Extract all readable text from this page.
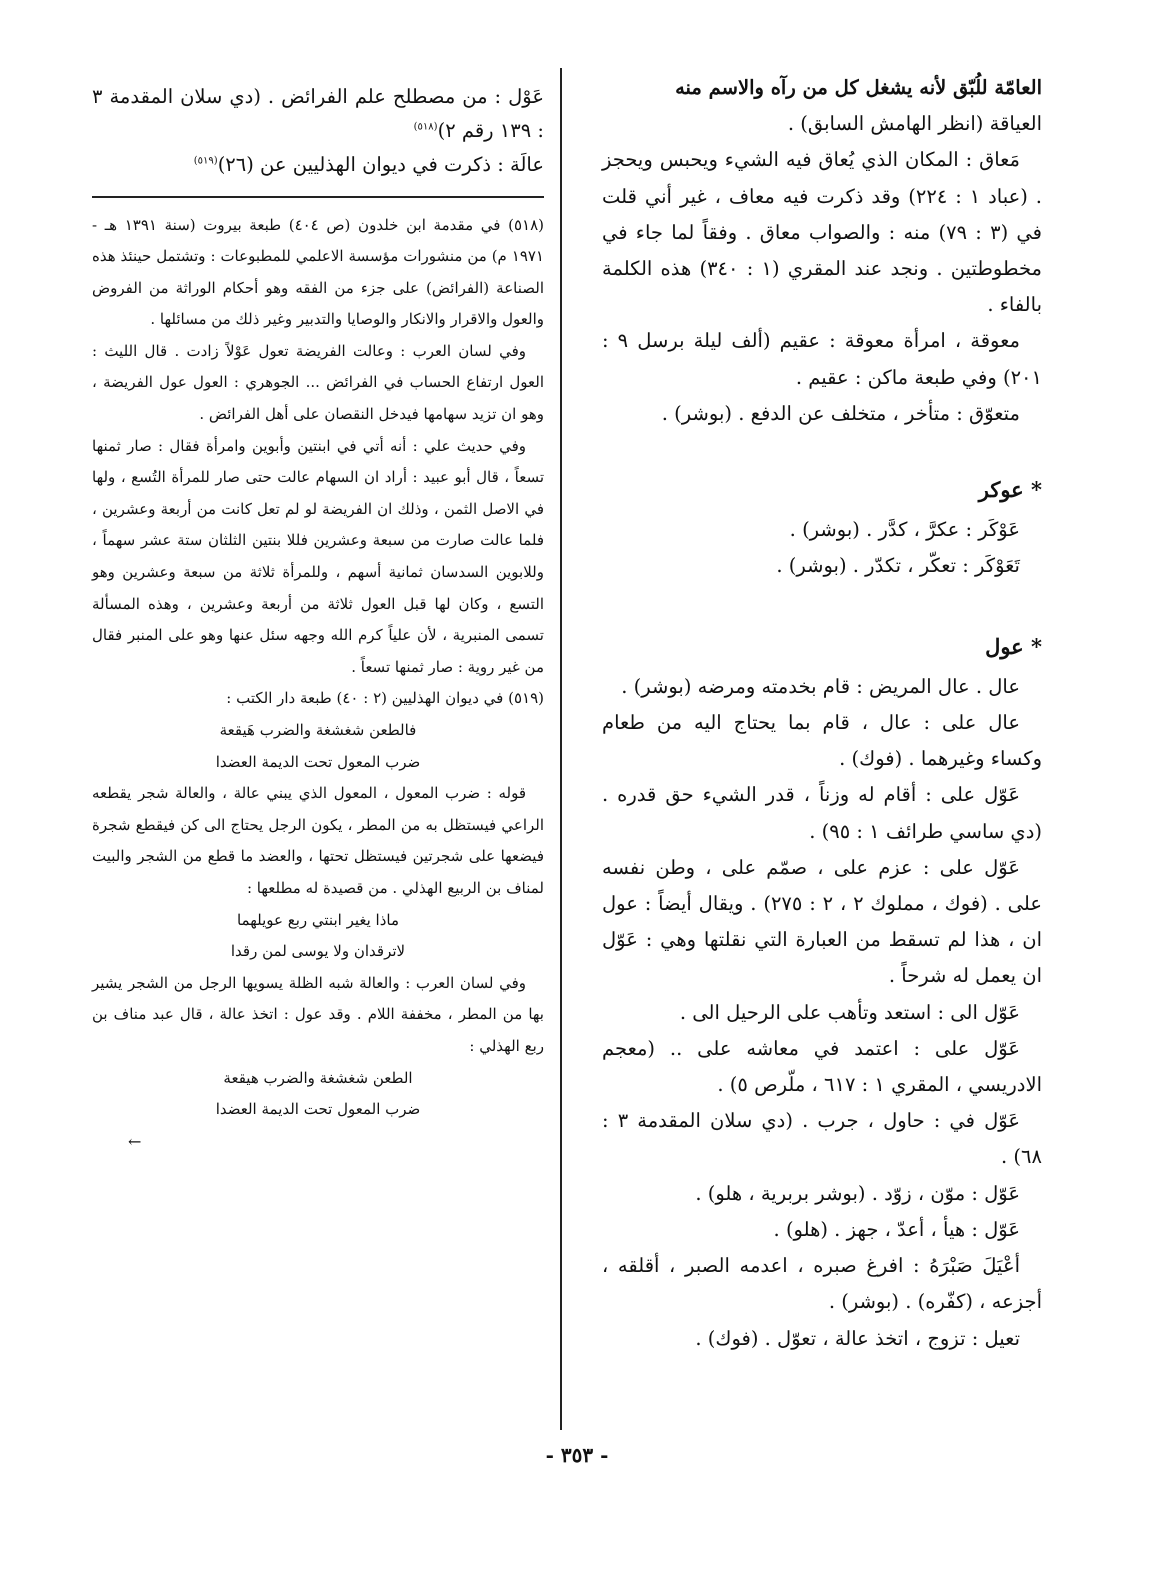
العامّة للُبّق لأنه يشغل كل من رآه والاسم منه

العياقة (انظر الهامش السابق) .

مَعاق : المكان الذي يُعاق فيه الشيء ويحبس ويحجز . (عباد ١ : ٢٢٤) وقد ذكرت فيه معاف ، غير أني قلت في (٣ : ٧٩) منه : والصواب معاق . وفقاً لما جاء في مخطوطتين . ونجد عند المقري (١ : ٣٤٠) هذه الكلمة بالفاء .

معوقة ، امرأة معوقة : عقيم (ألف ليلة برسل ٩ : ٢٠١) وفي طبعة ماكن : عقيم .

متعوّق : متأخر ، متخلف عن الدفع . (بوشر) .

* عوكر

عَوْكَر : عكرَّ ، كدَّر . (بوشر) .

تَعَوْكَر : تعكّر ، تكدّر . (بوشر) .

* عول

عال . عال المريض : قام بخدمته ومرضه (بوشر) .

عال على : عال ، قام بما يحتاج اليه من طعام وكساء وغيرهما . (فوك) .

عَوّل على : أقام له وزناً ، قدر الشيء حق قدره . (دي ساسي طرائف ١ : ٩٥) .

عَوّل على : عزم على ، صمّم على ، وطن نفسه على . (فوك ، مملوك ٢ ، ٢ : ٢٧٥) . ويقال أيضاً : عول ان ، هذا لم تسقط من العبارة التي نقلتها وهي : عَوّل ان يعمل له شرحاً .

عَوّل الى : استعد وتأهب على الرحيل الى .

عَوّل على : اعتمد في معاشه على .. (معجم الادريسي ، المقري ١ : ٦١٧ ، ملّرص ٥) .

عَوّل في : حاول ، جرب . (دي سلان المقدمة ٣ : ٦٨) .

عَوّل : موّن ، زوّد . (بوشر بربرية ، هلو) .

عَوّل : هيأ ، أعدّ ، جهز . (هلو) .

أعْيَلَ صَبْرَهُ : افرغ صبره ، اعدمه الصبر ، أقلقه ، أجزعه ، (كفّره) . (بوشر) .

تعيل : تزوج ، اتخذ عالة ، تعوّل . (فوك) .

عَوْل : من مصطلح علم الفرائض . (دي سلان المقدمة ٣ : ١٣٩ رقم ٢)$^{(٥١٨)}$

عالَة : ذكرت في ديوان الهذليين عن (٢٦)$^{(٥١٩)}$

(٥١٨) في مقدمة ابن خلدون (ص ٤٠٤) طبعة بيروت (سنة ١٣٩١ هـ - ١٩٧١ م) من منشورات مؤسسة الاعلمي للمطبوعات : وتشتمل حينئذ هذه الصناعة (الفرائض) على جزء من الفقه وهو أحكام الوراثة من الفروض والعول والاقرار والانكار والوصايا والتدبير وغير ذلك من مسائلها .

وفي لسان العرب : وعالت الفريضة تعول عَوْلاً زادت . قال الليث : العول ارتفاع الحساب في الفرائض ... الجوهري : العول عول الفريضة ، وهو ان تزيد سهامها فيدخل النقصان على أهل الفرائض .

وفي حديث علي : أنه أتي في ابنتين وأبوين وامرأة فقال : صار ثمنها تسعاً ، قال أبو عبيد : أراد ان السهام عالت حتى صار للمرأة التُسع ، ولها في الاصل الثمن ، وذلك ان الفريضة لو لم تعل كانت من أربعة وعشرين ، فلما عالت صارت من سبعة وعشرين فللا بنتين الثلثان ستة عشر سهماً ، وللابوين السدسان ثمانية أسهم ، وللمرأة ثلاثة من سبعة وعشرين وهو التسع ، وكان لها قبل العول ثلاثة من أربعة وعشرين ، وهذه المسألة تسمى المنبرية ، لأن علياً كرم الله وجهه سئل عنها وهو على المنبر فقال من غير روية : صار ثمنها تسعاً .

(٥١٩) في ديوان الهذليين (٢ : ٤٠) طبعة دار الكتب :

فالطعن شغشغة والضرب هَيقعة

ضرب المعول تحت الديمة العضدا

قوله : ضرب المعول ، المعول الذي يبني عالة ، والعالة شجر يقطعه الراعي فيستظل به من المطر ، يكون الرجل يحتاج الى كن فيقطع شجرة فيضعها على شجرتين فيستظل تحتها ، والعضد ما قطع من الشجر والبيت لمناف بن الربيع الهذلي . من قصيدة له مطلعها :

ماذا يغير ابنتي ربع عويلهما

لاترقدان ولا يوسى لمن رقدا

وفي لسان العرب : والعالة شبه الظلة يسويها الرجل من الشجر يشير بها من المطر ، مخففة اللام . وقد عول : اتخذ عالة ، قال عبد مناف بن ربع الهذلي :

الطعن شغشغة والضرب هيقعة

ضرب المعول تحت الديمة العضدا

←

- ٣٥٣ -
